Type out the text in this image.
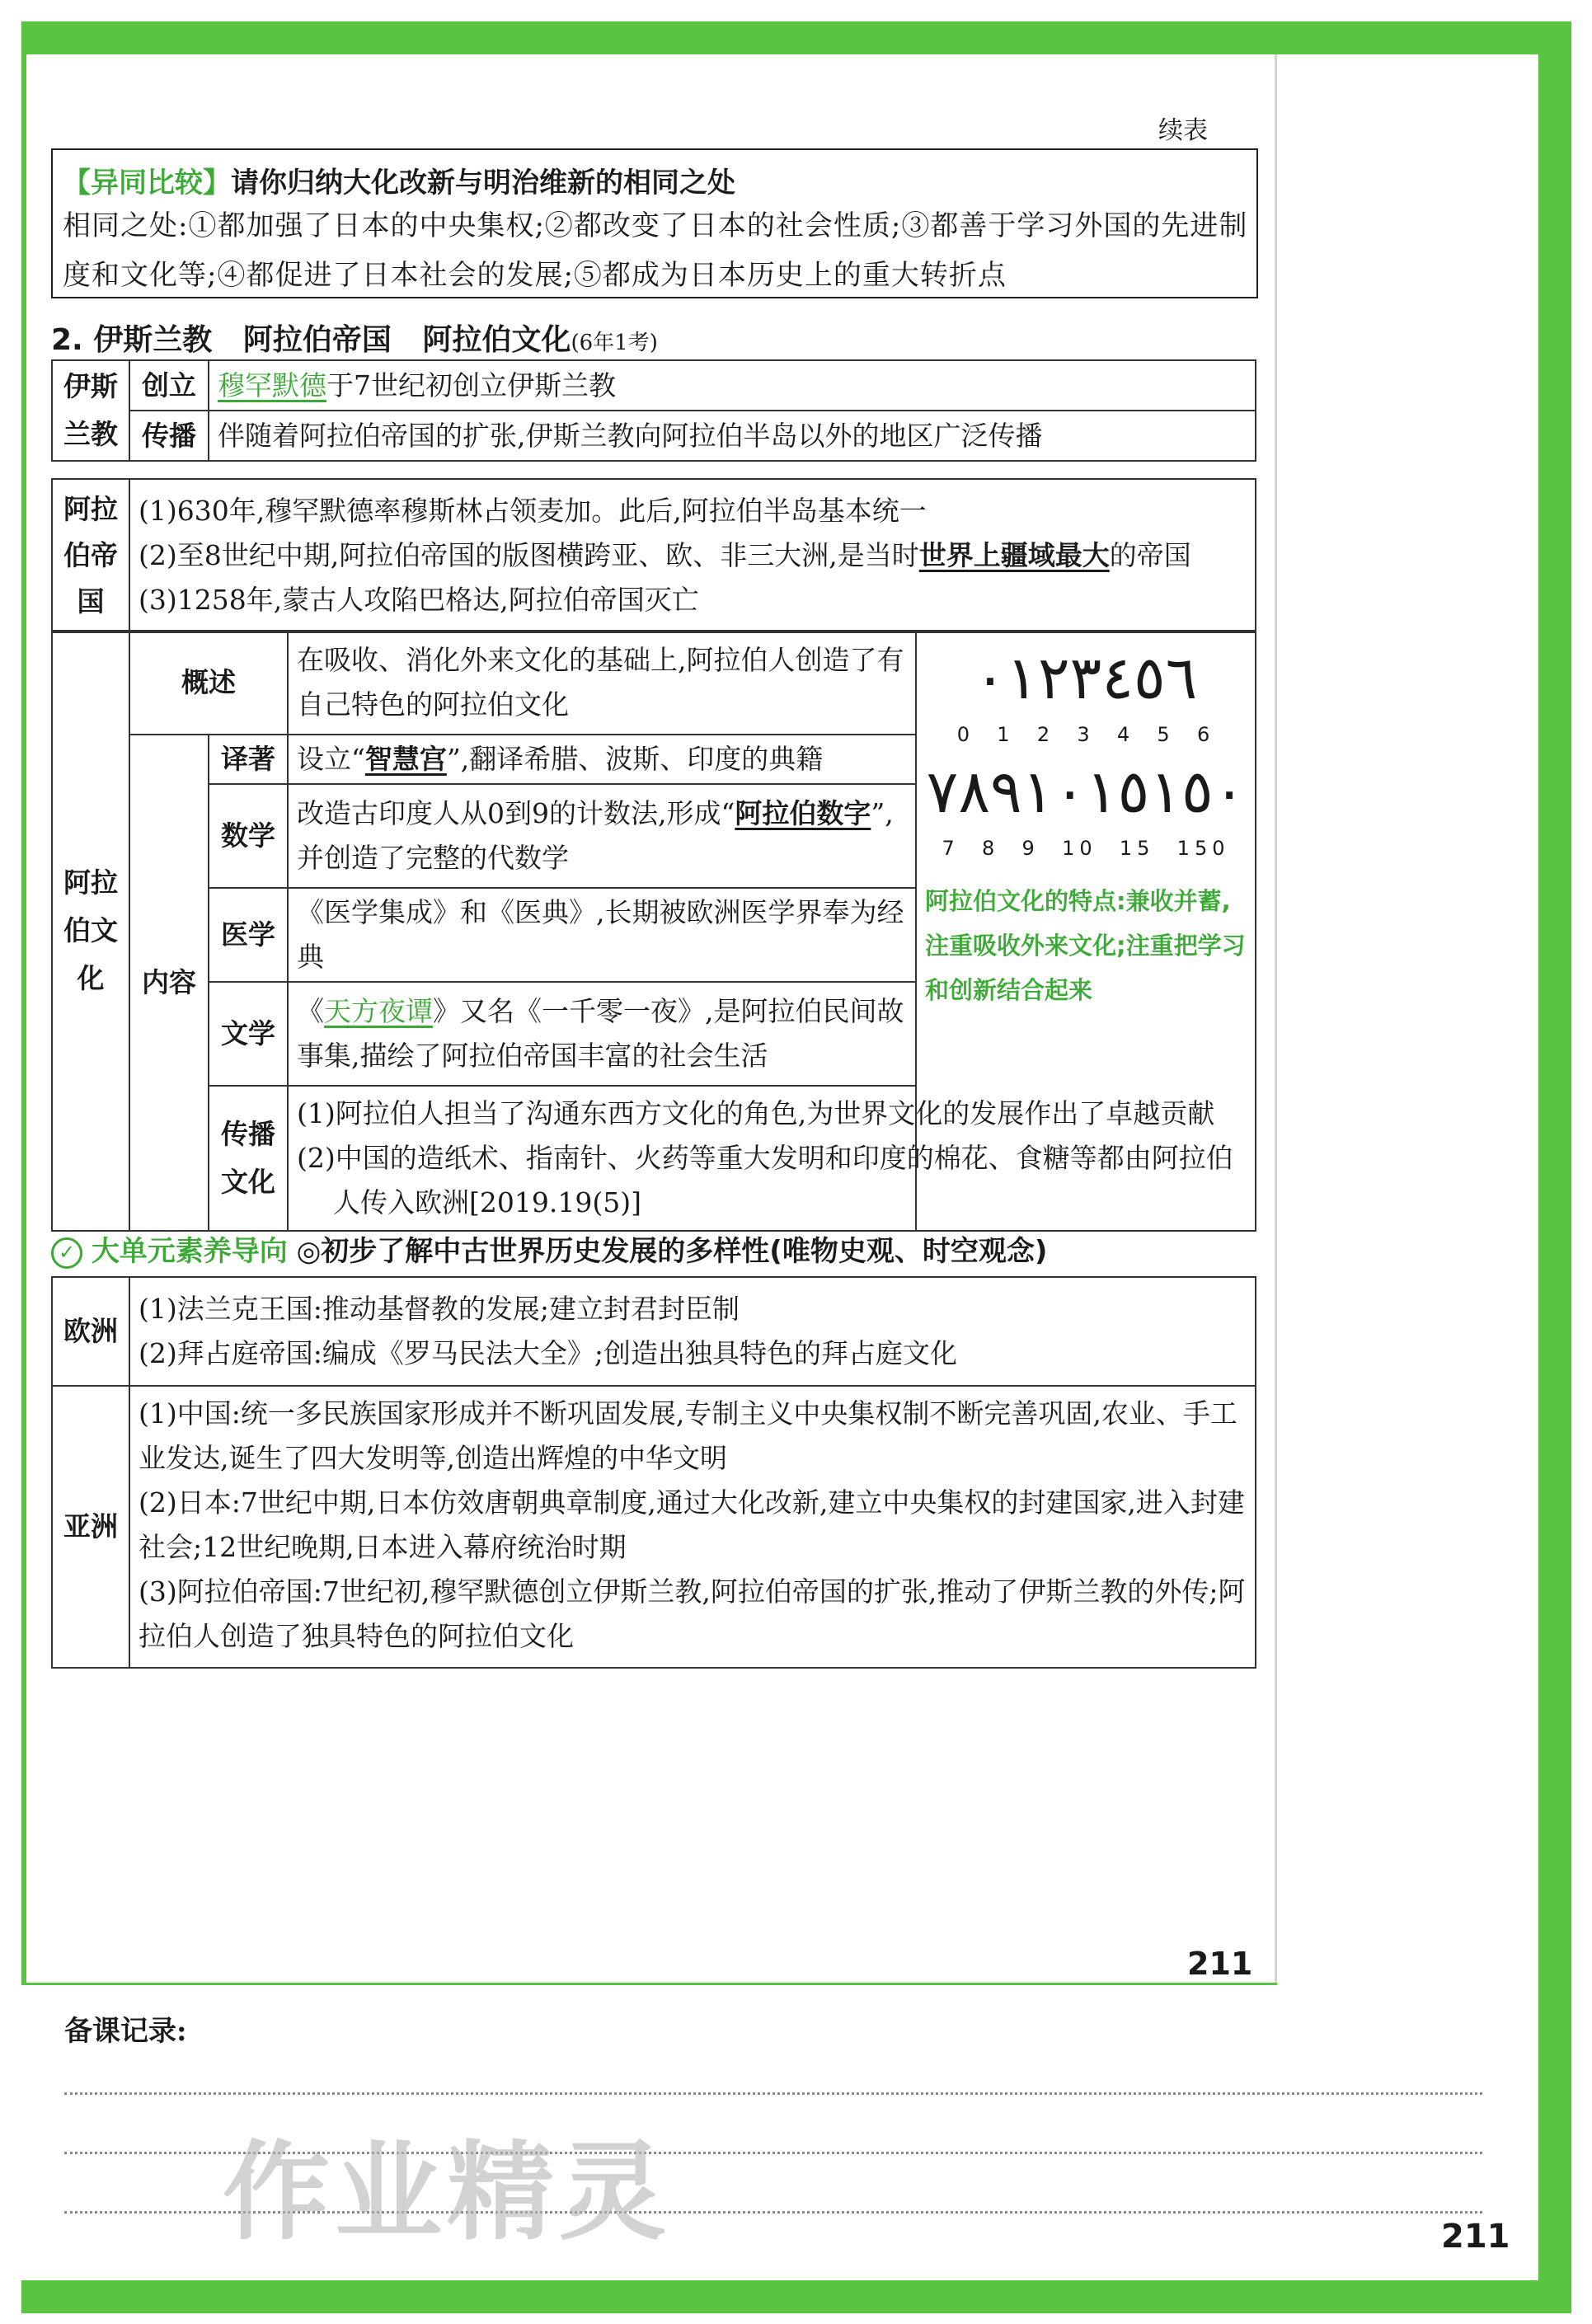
续表
【异同比较】请你归纳大化改新与明治维新的相同之处
相同之处:①都加强了日本的中央集权;②都改变了日本的社会性质;③都善于学习外国的先进制
度和文化等;④都促进了日本社会的发展;⑤都成为日本历史上的重大转折点
2. 伊斯兰教   阿拉伯帝国   阿拉伯文化(6年1考)
伊斯兰教	创立	穆罕默德于7世纪初创立伊斯兰教
	传播	伴随着阿拉伯帝国的扩张,伊斯兰教向阿拉伯半岛以外的地区广泛传播
阿拉伯帝国	
(1)630年,穆罕默德率穆斯林占领麦加。此后,阿拉伯半岛基本统一
(2)至8世纪中期,阿拉伯帝国的版图横跨亚、欧、非三大洲,是当时世界上疆域最大的帝国
(3)1258年,蒙古人攻陷巴格达,阿拉伯帝国灭亡
阿拉伯文化	概述		在吸收、消化外来文化的基础上,阿拉伯人创造了有自己特色的阿拉伯文化	٠١٢٣٤٥٦
0  1  2  3  4  5  6
٧٨٩١٠١٥١٥٠
7  8  9  10  15  150
阿拉伯文化的特点:兼收并蓄,注重吸收外来文化;注重把学习和创新结合起来

	内容	译著	设立“智慧宫”,翻译希腊、波斯、印度的典籍	
		数学	改造古印度人从0到9的计数法,形成“阿拉伯数字”,并创造了完整的代数学	
		医学	《医学集成》和《医典》,长期被欧洲医学界奉为经典	
		文学	《天方夜谭》又名《一千零一夜》,是阿拉伯民间故事集,描绘了阿拉伯帝国丰富的社会生活	
		传播文化	(1)阿拉伯人担当了沟通东西方文化的角色,为世界文化的发展作出了卓越贡献
(2)中国的造纸术、指南针、火药等重大发明和印度的棉花、食糖等都由阿拉伯人传入欧洲[2019.19(5)]	
✓ 大单元素养导向 ◎初步了解中古世界历史发展的多样性(唯物史观、时空观念)
欧洲	(1)法兰克王国:推动基督教的发展;建立封君封臣制
(2)拜占庭帝国:编成《罗马民法大全》;创造出独具特色的拜占庭文化

亚洲	(1)中国:统一多民族国家形成并不断巩固发展,专制主义中央集权制不断完善巩固,农业、手工业发达,诞生了四大发明等,创造出辉煌的中华文明
(2)日本:7世纪中期,日本仿效唐朝典章制度,通过大化改新,建立中央集权的封建国家,进入封建社会;12世纪晚期,日本进入幕府统治时期
(3)阿拉伯帝国:7世纪初,穆罕默德创立伊斯兰教,阿拉伯帝国的扩张,推动了伊斯兰教的外传;阿拉伯人创造了独具特色的阿拉伯文化
211
备课记录:
作业精灵	211
